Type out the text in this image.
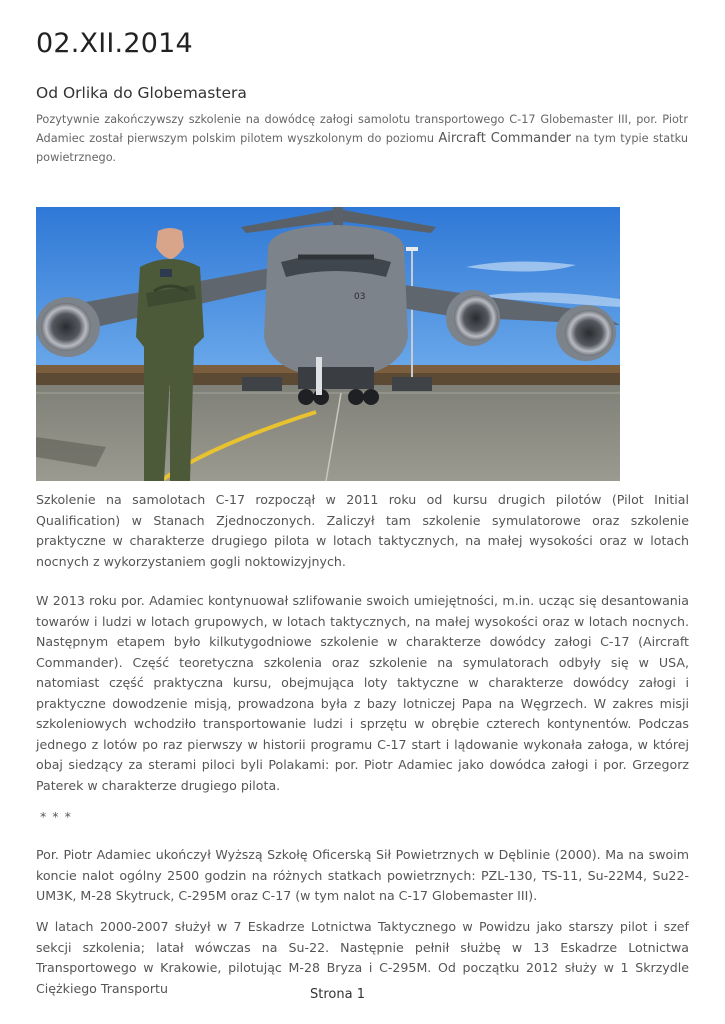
02.XII.2014
Od Orlika do Globemastera

Pozytywnie zakończywszy szkolenie na dowódcę załogi samolotu transportowego C-17 Globemaster III, por. Piotr Adamiec został pierwszym polskim pilotem wyszkolonym do poziomu Aircraft Commander na tym typie statku powietrznego.

03

Szkolenie na samolotach C-17 rozpoczął w 2011 roku od kursu drugich pilotów (Pilot Initial Qualification) w Stanach Zjednoczonych. Zaliczył tam szkolenie symulatorowe oraz szkolenie praktyczne w charakterze drugiego pilota w lotach taktycznych, na małej wysokości oraz w lotach nocnych z wykorzystaniem gogli noktowizyjnych.

W 2013 roku por. Adamiec kontynuował szlifowanie swoich umiejętności, m.in. ucząc się desantowania towarów i ludzi w lotach grupowych, w lotach taktycznych, na małej wysokości oraz w lotach nocnych. Następnym etapem było kilkutygodniowe szkolenie w charakterze dowódcy załogi C-17 (Aircraft Commander). Część teoretyczna szkolenia oraz szkolenie na symulatorach odbyły się w USA, natomiast część praktyczna kursu, obejmująca loty taktyczne w charakterze dowódcy załogi i praktyczne dowodzenie misją, prowadzona była z bazy lotniczej Papa na Węgrzech. W zakres misji szkoleniowych wchodziło transportowanie ludzi i sprzętu w obrębie czterech kontynentów. Podczas jednego z lotów po raz pierwszy w historii programu C-17 start i lądowanie wykonała załoga, w której obaj siedzący za sterami piloci byli Polakami: por. Piotr Adamiec jako dowódca załogi i por. Grzegorz Paterek w charakterze drugiego pilota.

* * *

Por. Piotr Adamiec ukończył Wyższą Szkołę Oficerską Sił Powietrznych w Dęblinie (2000). Ma na swoim koncie nalot ogólny 2500 godzin na różnych statkach powietrznych: PZL-130, TS-11, Su-22M4, Su22-UM3K, M-28 Skytruck, C-295M oraz C-17 (w tym nalot na C-17 Globemaster III).

W latach 2000-2007 służył w 7 Eskadrze Lotnictwa Taktycznego w Powidzu jako starszy pilot i szef sekcji szkolenia; latał wówczas na Su-22. Następnie pełnił służbę w 13 Eskadrze Lotnictwa Transportowego w Krakowie, pilotując M-28 Bryza i C-295M. Od początku 2012 służy w 1 Skrzydle Ciężkiego Transportu	Strona 1
